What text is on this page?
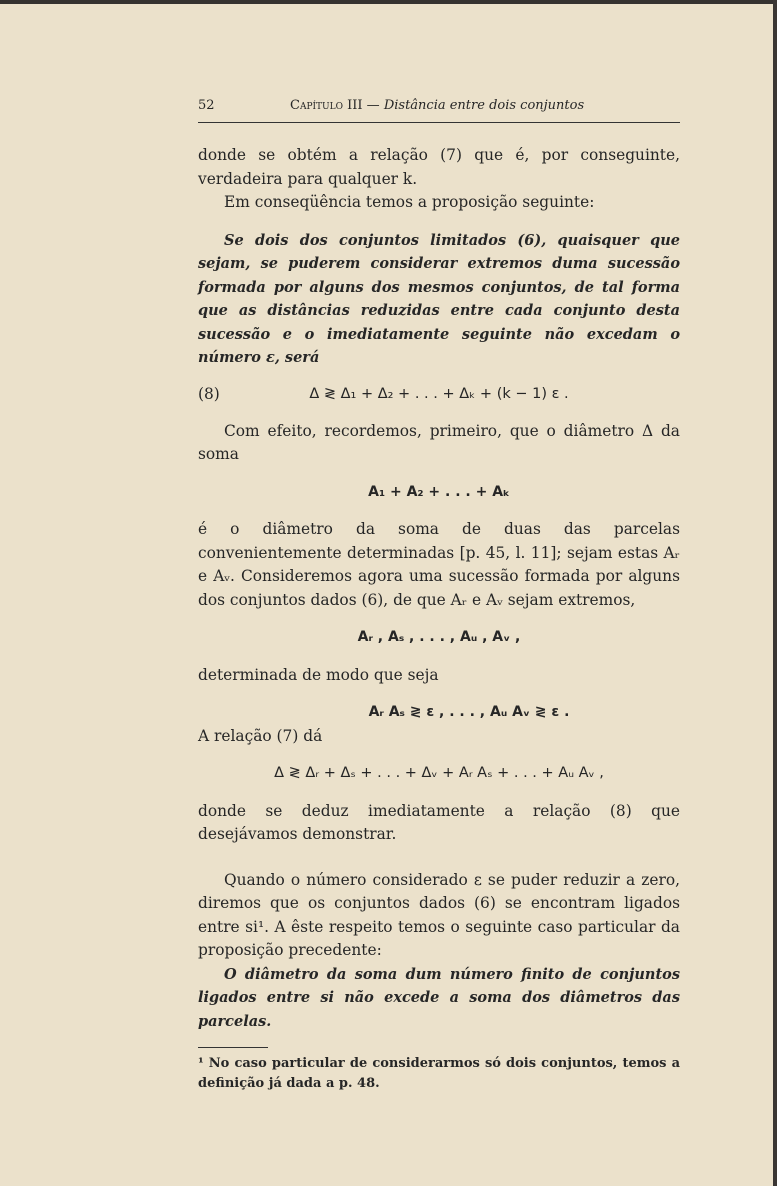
52	Capítulo III — Distância entre dois conjuntos

donde se obtém a relação (7) que é, por conseguinte, verdadeira para qualquer k.

Em conseqüência temos a proposição seguinte:

Se dois dos conjuntos limitados (6), quaisquer que sejam, se puderem considerar extremos duma sucessão formada por alguns dos mesmos conjuntos, de tal forma que as distâncias reduzidas entre cada conjunto desta sucessão e o imediatamente seguinte não excedam o número ε, será

(8)	Δ ≷ Δ₁ + Δ₂ + . . . + Δₖ + (k − 1) ε .

Com efeito, recordemos, primeiro, que o diâmetro Δ da soma

A₁ + A₂ + . . . + Aₖ

é o diâmetro da soma de duas das parcelas convenientemente determinadas [p. 45, l. 11]; sejam estas Aᵣ e Aᵥ. Consideremos agora uma sucessão formada por alguns dos conjuntos dados (6), de que Aᵣ e Aᵥ sejam extremos,

Aᵣ , Aₛ , . . . , Aᵤ , Aᵥ ,

determinada de modo que seja

Aᵣ Aₛ ≷ ε , . . . , Aᵤ Aᵥ ≷ ε .

A relação (7) dá

Δ ≷ Δᵣ + Δₛ + . . . + Δᵥ + Aᵣ Aₛ + . . . + Aᵤ Aᵥ ,

donde se deduz imediatamente a relação (8) que desejávamos demonstrar.

Quando o número considerado ε se puder reduzir a zero, diremos que os conjuntos dados (6) se encontram ligados entre si¹. A êste respeito temos o seguinte caso particular da proposição precedente:

O diâmetro da soma dum número finito de conjuntos ligados entre si não excede a soma dos diâmetros das parcelas.

¹ No caso particular de considerarmos só dois conjuntos, temos a definição já dada a p. 48.
